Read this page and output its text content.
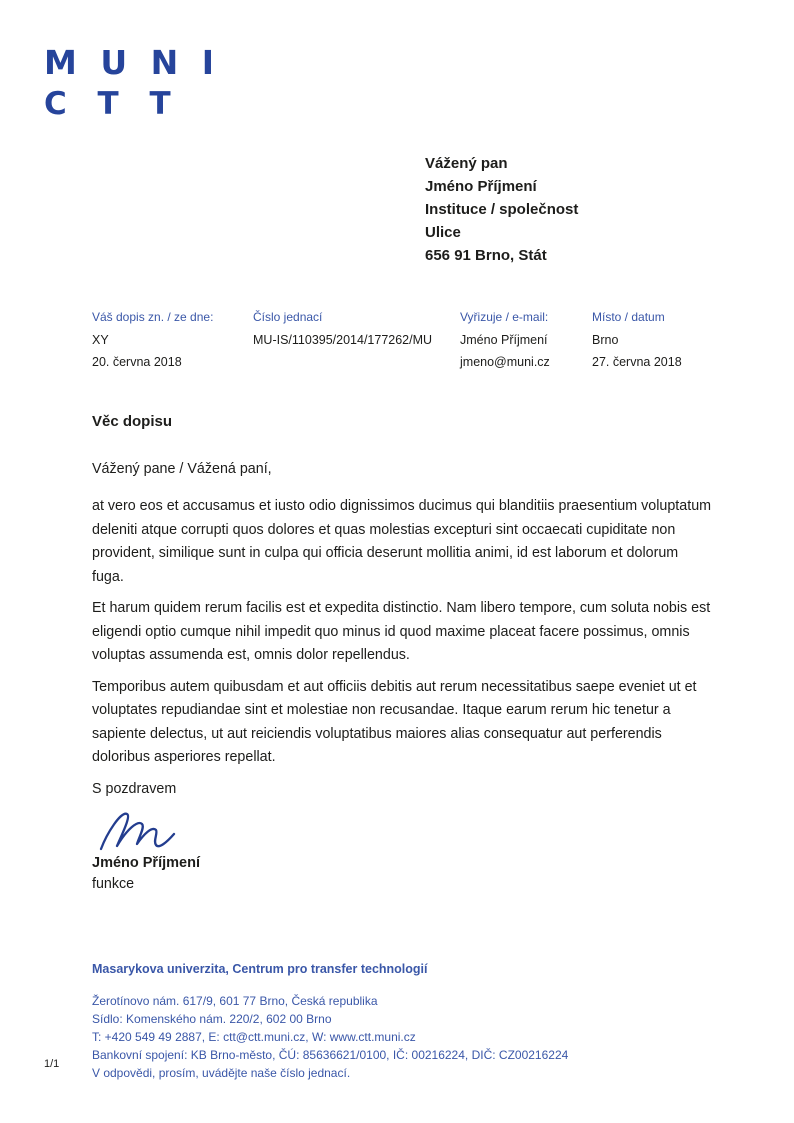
M U N I
C T T
Vážený pan
Jméno Příjmení
Instituce / společnost
Ulice
656 91 Brno, Stát
Váš dopis zn. / ze dne:
XY
20. června 2018
Číslo jednací
MU-IS/110395/2014/177262/MU
Vyřizuje / e-mail:
Jméno Příjmení
jmeno@muni.cz
Místo / datum
Brno
27. června 2018
Věc dopisu

Vážený pane / Vážená paní,

at vero eos et accusamus et iusto odio dignissimos ducimus qui blanditiis praesentium voluptatum deleniti atque corrupti quos dolores et quas molestias excepturi sint occaecati cupiditate non provident, similique sunt in culpa qui officia deserunt mollitia animi, id est laborum et dolorum fuga.

Et harum quidem rerum facilis est et expedita distinctio. Nam libero tempore, cum soluta nobis est eligendi optio cumque nihil impedit quo minus id quod maxime placeat facere possimus, omnis voluptas assumenda est, omnis dolor repellendus.

Temporibus autem quibusdam et aut officiis debitis aut rerum necessitatibus saepe eveniet ut et voluptates repudiandae sint et molestiae non recusandae. Itaque earum rerum hic tenetur a sapiente delectus, ut aut reiciendis voluptatibus maiores alias consequatur aut perferendis doloribus asperiores repellat.

S pozdravem

Jméno Příjmení
funkce
Masarykova univerzita, Centrum pro transfer technologií
Žerotínovo nám. 617/9, 601 77 Brno, Česká republika
Sídlo: Komenského nám. 220/2, 602 00 Brno
T: +420 549 49 2887, E: ctt@ctt.muni.cz, W: www.ctt.muni.cz
Bankovní spojení: KB Brno-město, ČÚ: 85636621/0100, IČ: 00216224, DIČ: CZ00216224
V odpovědi, prosím, uvádějte naše číslo jednací.
1/1
